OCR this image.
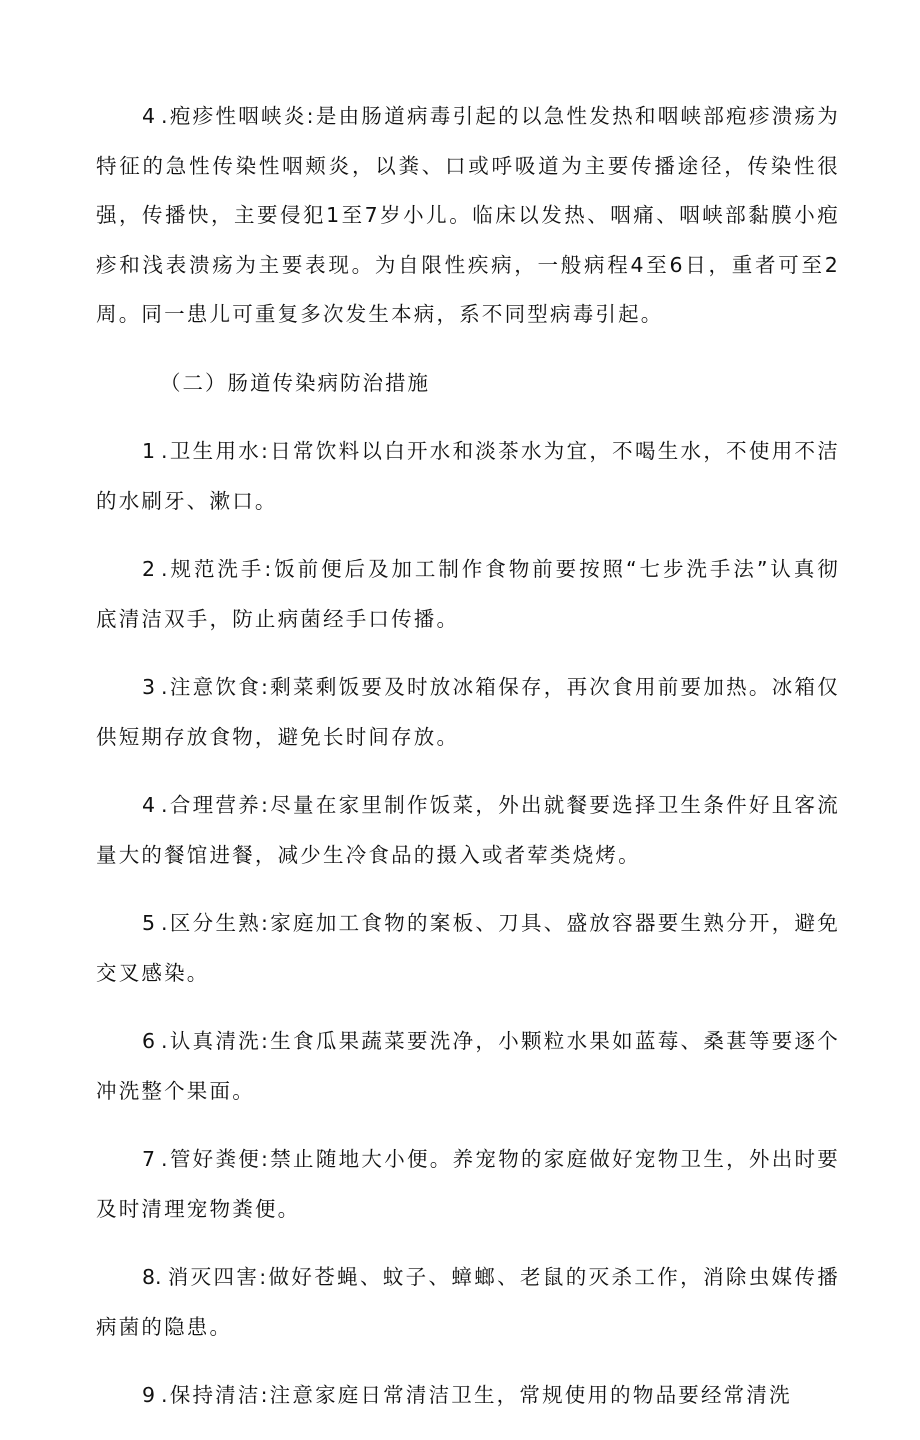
4 .疱疹性咽峡炎:是由肠道病毒引起的以急性发热和咽峡部疱疹溃疡为特征的急性传染性咽颊炎，以粪、口或呼吸道为主要传播途径，传染性很强，传播快，主要侵犯1至7岁小儿。临床以发热、咽痛、咽峡部黏膜小疱疹和浅表溃疡为主要表现。为自限性疾病，一般病程4至6日，重者可至2周。同一患儿可重复多次发生本病，系不同型病毒引起。

（二）肠道传染病防治措施

1 .卫生用水:日常饮料以白开水和淡茶水为宜，不喝生水，不使用不洁的水刷牙、漱口。

2 .规范洗手:饭前便后及加工制作食物前要按照“七步洗手法”认真彻底清洁双手，防止病菌经手口传播。

3 .注意饮食:剩菜剩饭要及时放冰箱保存，再次食用前要加热。冰箱仅供短期存放食物，避免长时间存放。

4 .合理营养:尽量在家里制作饭菜，外出就餐要选择卫生条件好且客流量大的餐馆进餐，减少生冷食品的摄入或者荤类烧烤。

5 .区分生熟:家庭加工食物的案板、刀具、盛放容器要生熟分开，避免交叉感染。

6 .认真清洗:生食瓜果蔬菜要洗净，小颗粒水果如蓝莓、桑葚等要逐个冲洗整个果面。

7 .管好粪便:禁止随地大小便。养宠物的家庭做好宠物卫生，外出时要及时清理宠物粪便。

8. 消灭四害:做好苍蝇、蚊子、蟑螂、老鼠的灭杀工作，消除虫媒传播病菌的隐患。

9 .保持清洁:注意家庭日常清洁卫生，常规使用的物品要经常清洗
